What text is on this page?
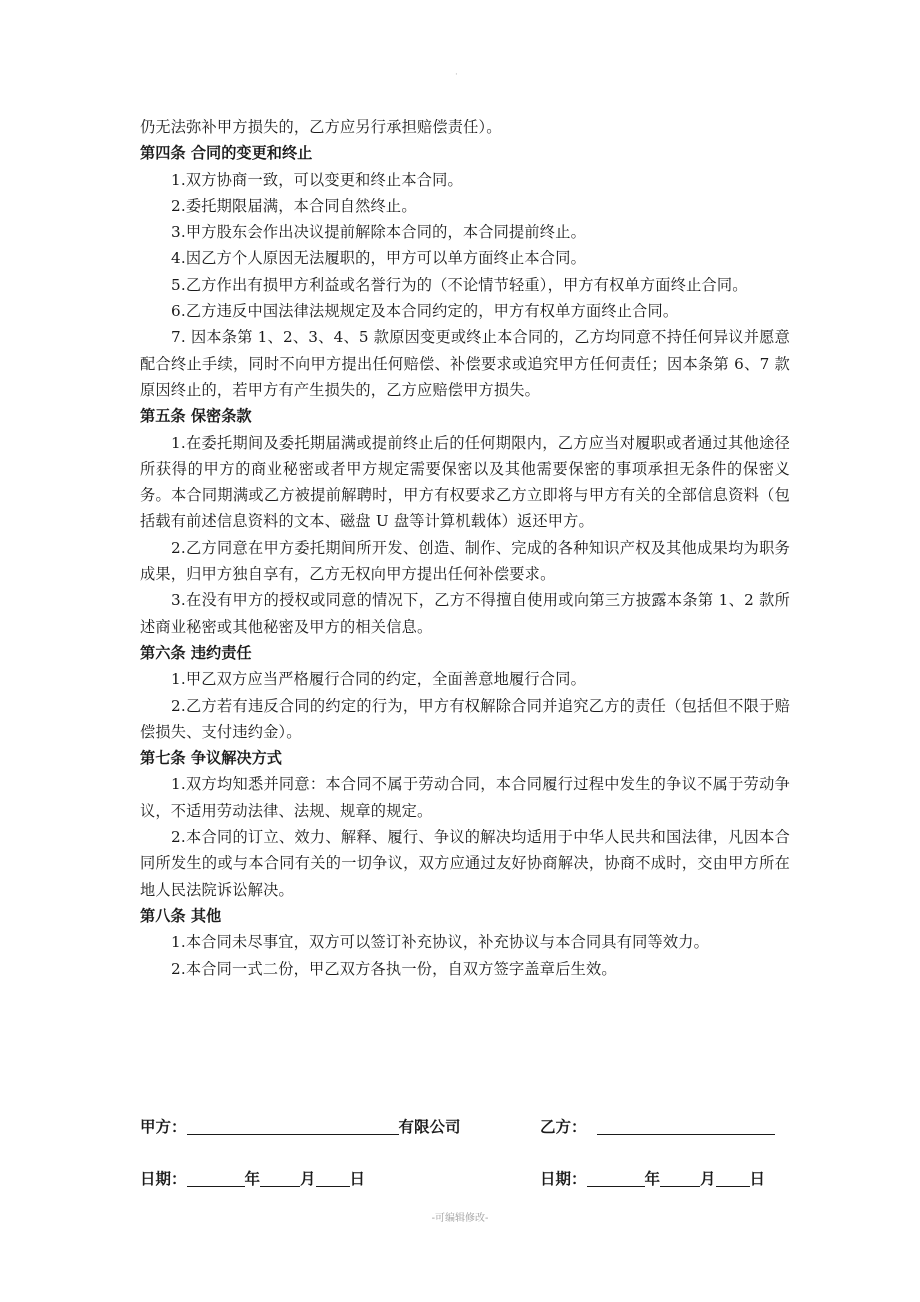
·

仍无法弥补甲方损失的，乙方应另行承担赔偿责任）。

第四条 合同的变更和终止

1.双方协商一致，可以变更和终止本合同。

2.委托期限届满，本合同自然终止。

3.甲方股东会作出决议提前解除本合同的，本合同提前终止。

4.因乙方个人原因无法履职的，甲方可以单方面终止本合同。

5.乙方作出有损甲方利益或名誉行为的（不论情节轻重），甲方有权单方面终止合同。

6.乙方违反中国法律法规规定及本合同约定的，甲方有权单方面终止合同。

7. 因本条第 1、2、3、4、5 款原因变更或终止本合同的，乙方均同意不持任何异议并愿意配合终止手续，同时不向甲方提出任何赔偿、补偿要求或追究甲方任何责任；因本条第 6、7 款原因终止的，若甲方有产生损失的，乙方应赔偿甲方损失。

第五条 保密条款

1.在委托期间及委托期届满或提前终止后的任何期限内，乙方应当对履职或者通过其他途径所获得的甲方的商业秘密或者甲方规定需要保密以及其他需要保密的事项承担无条件的保密义务。本合同期满或乙方被提前解聘时，甲方有权要求乙方立即将与甲方有关的全部信息资料（包括载有前述信息资料的文本、磁盘 U 盘等计算机载体）返还甲方。

2.乙方同意在甲方委托期间所开发、创造、制作、完成的各种知识产权及其他成果均为职务成果，归甲方独自享有，乙方无权向甲方提出任何补偿要求。

3.在没有甲方的授权或同意的情况下，乙方不得擅自使用或向第三方披露本条第 1、2 款所述商业秘密或其他秘密及甲方的相关信息。

第六条 违约责任

1.甲乙双方应当严格履行合同的约定，全面善意地履行合同。

2.乙方若有违反合同的约定的行为，甲方有权解除合同并追究乙方的责任（包括但不限于赔偿损失、支付违约金）。

第七条 争议解决方式

1.双方均知悉并同意：本合同不属于劳动合同，本合同履行过程中发生的争议不属于劳动争议，不适用劳动法律、法规、规章的规定。

2.本合同的订立、效力、解释、履行、争议的解决均适用于中华人民共和国法律，凡因本合同所发生的或与本合同有关的一切争议，双方应通过友好协商解决，协商不成时，交由甲方所在地人民法院诉讼解决。

第八条 其他

1.本合同未尽事宜，双方可以签订补充协议，补充协议与本合同具有同等效力。

2.本合同一式二份，甲乙双方各执一份，自双方签字盖章后生效。

甲方：	有限公司	乙方：
日期：	年	月 日	日期：	年	月 日
-可编辑修改-
